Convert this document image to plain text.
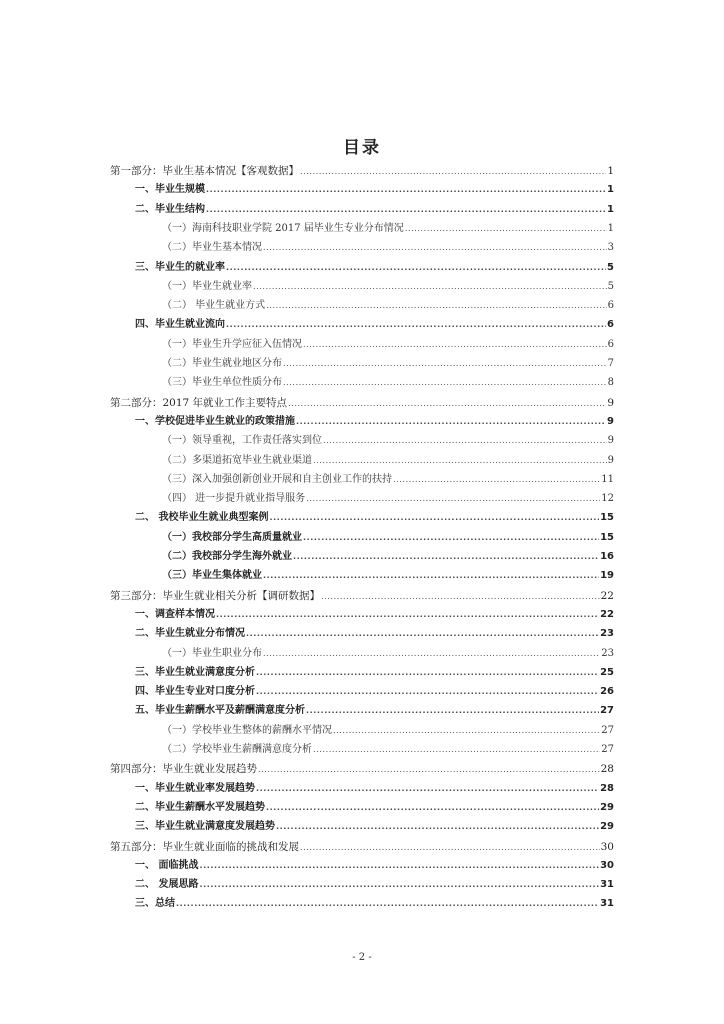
目录
第一部分：毕业生基本情况【客观数据】 .....	1
一、毕业生规模 .....	1
二、毕业生结构 .....	1
（一）海南科技职业学院 2017 届毕业生专业分布情况 .....	1
（二）毕业生基本情况 .....	3
三、毕业生的就业率 .....	5
（一）毕业生就业率 .....	5
（二） 毕业生就业方式 .....	6
四、毕业生就业流向 .....	6
（一）毕业生升学应征入伍情况 .....	6
（二）毕业生就业地区分布 .....	7
（三）毕业生单位性质分布 .....	8
第二部分：2017 年就业工作主要特点 .....	9
一、学校促进毕业生就业的政策措施 .....	9
（一）领导重视，工作责任落实到位 .....	9
（二）多渠道拓宽毕业生就业渠道 .....	9
（三）深入加强创新创业开展和自主创业工作的扶持 .....	11
（四） 进一步提升就业指导服务 .....	12
二、 我校毕业生就业典型案例 .....	15
（一）我校部分学生高质量就业 .....	15
（二）我校部分学生海外就业 .....	16
（三）毕业生集体就业 .....	19
第三部分：毕业生就业相关分析【调研数据】 .....	22
一、调查样本情况 .....	22
二、毕业生就业分布情况 .....	23
（一）毕业生职业分布 .....	23
三、毕业生就业满意度分析 .....	25
四、毕业生专业对口度分析 .....	26
五、毕业生薪酬水平及薪酬满意度分析 .....	27
（一）学校毕业生整体的薪酬水平情况 .....	27
（二）学校毕业生薪酬满意度分析 .....	27
第四部分：毕业生就业发展趋势 .....	28
一、毕业生就业率发展趋势 .....	28
二、毕业生薪酬水平发展趋势 .....	29
三、毕业生就业满意度发展趋势 .....	29
第五部分：毕业生就业面临的挑战和发展 .....	30
一、 面临挑战 .....	30
二、 发展思路 .....	31
三、总结 .....	31
- 2 -
